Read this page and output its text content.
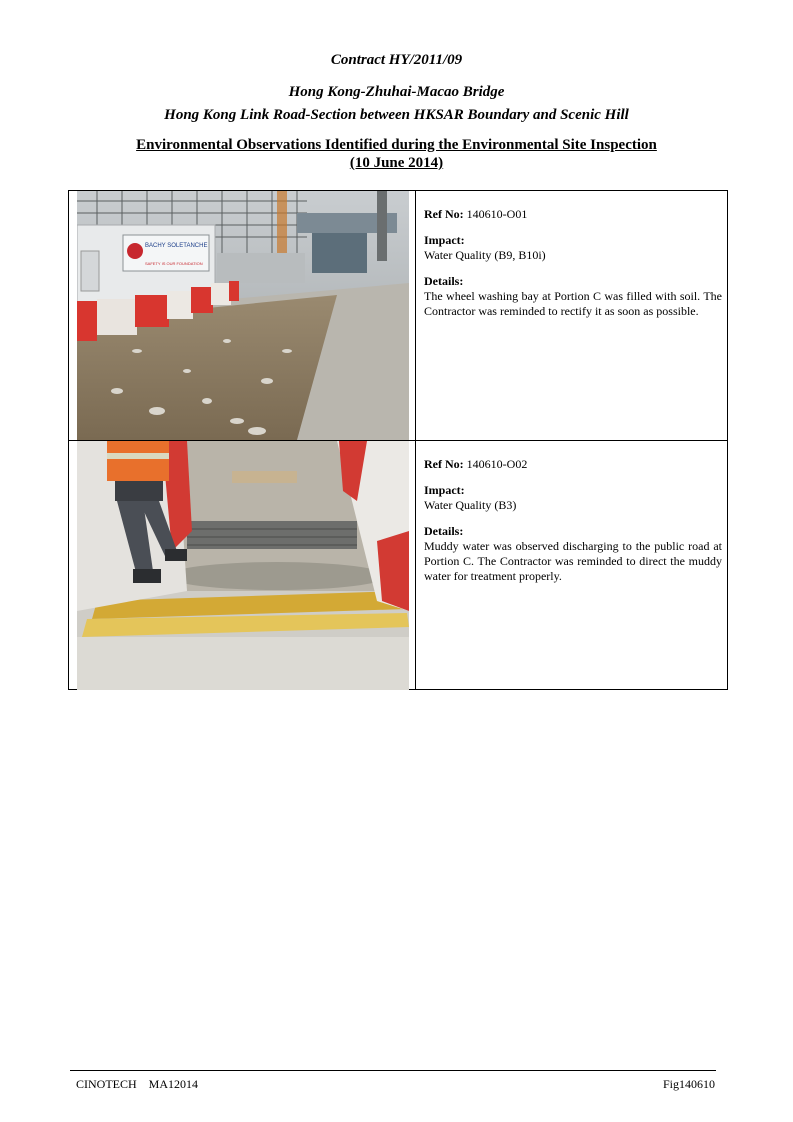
Contract HY/2011/09
Hong Kong-Zhuhai-Macao Bridge
Hong Kong Link Road-Section between HKSAR Boundary and Scenic Hill
Environmental Observations Identified during the Environmental Site Inspection
(10 June 2014)
BACHY SOLETANCHE
SAFETY IS OUR FOUNDATION
Ref No: 140610-O01
Impact:
Water Quality (B9, B10i)
Details:

The wheel washing bay at Portion C was filled with soil. The Contractor was reminded to rectify it as soon as possible.
Ref No: 140610-O02
Impact:
Water Quality (B3)
Details:

Muddy water was observed discharging to the public road at Portion C. The Contractor was reminded to direct the muddy water for treatment properly.
CINOTECH    MA12014	Fig140610
